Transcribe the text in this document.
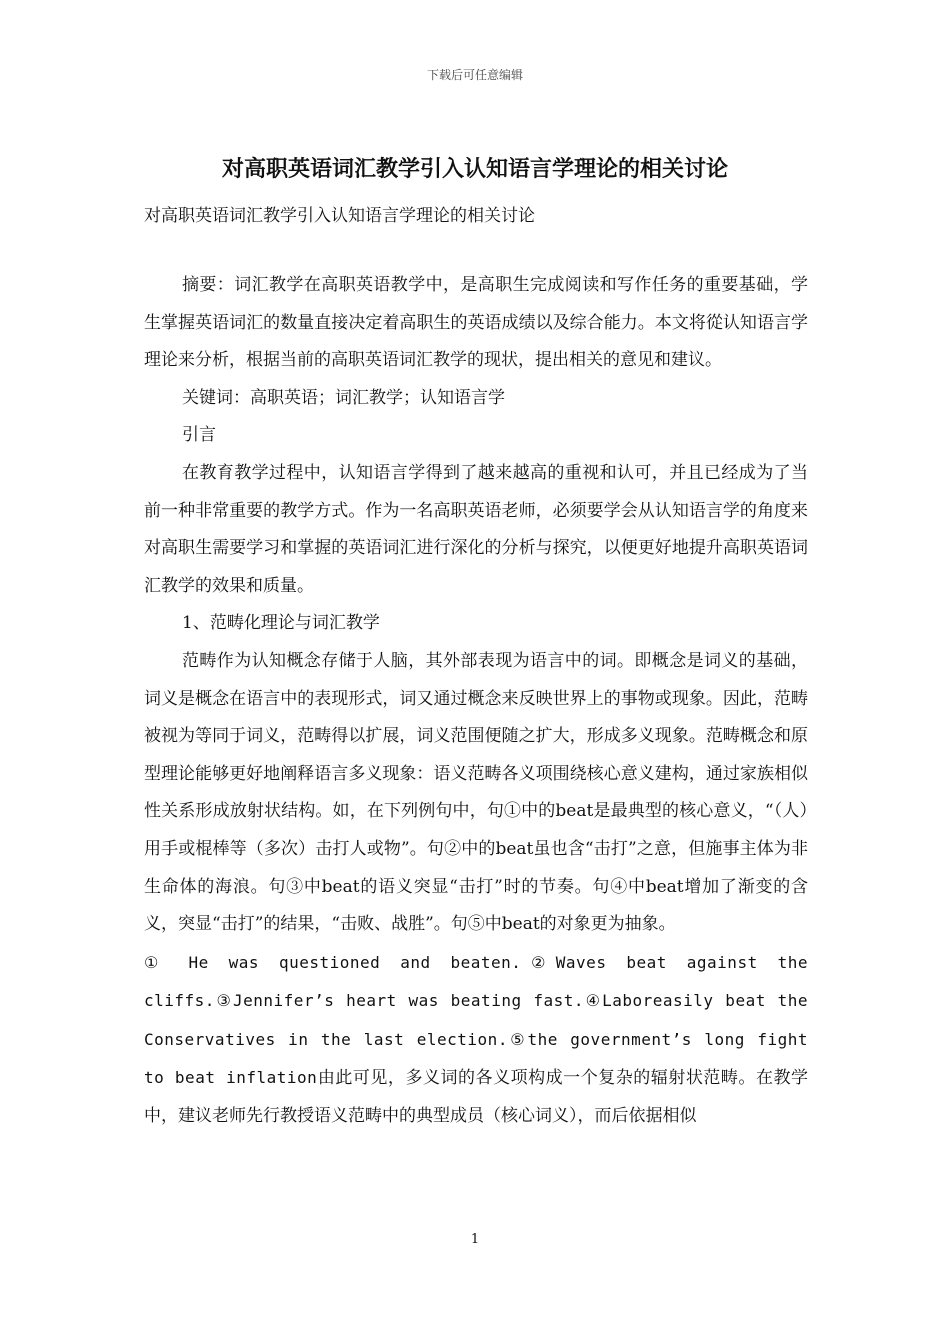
下载后可任意编辑
对高职英语词汇教学引入认知语言学理论的相关讨论
对高职英语词汇教学引入认知语言学理论的相关讨论

摘要：词汇教学在高职英语教学中，是高职生完成阅读和写作任务的重要基础，学生掌握英语词汇的数量直接决定着高职生的英语成绩以及综合能力。本文将從认知语言学理论来分析，根据当前的高职英语词汇教学的现状，提出相关的意见和建议。

关键词：高职英语；词汇教学；认知语言学

引言

在教育教学过程中，认知语言学得到了越来越高的重视和认可，并且已经成为了当前一种非常重要的教学方式。作为一名高职英语老师，必须要学会从认知语言学的角度来对高职生需要学习和掌握的英语词汇进行深化的分析与探究，以便更好地提升高职英语词汇教学的效果和质量。

1、范畴化理论与词汇教学

范畴作为认知概念存储于人脑，其外部表现为语言中的词。即概念是词义的基础，词义是概念在语言中的表现形式，词又通过概念来反映世界上的事物或现象。因此，范畴被视为等同于词义，范畴得以扩展，词义范围便随之扩大，形成多义现象。范畴概念和原型理论能够更好地阐释语言多义现象：语义范畴各义项围绕核心意义建构，通过家族相似性关系形成放射状结构。如，在下列例句中，句①中的beat是最典型的核心意义，“（人）用手或棍棒等（多次）击打人或物”。句②中的beat虽也含“击打”之意，但施事主体为非生命体的海浪。句③中beat的语义突显“击打”时的节奏。句④中beat增加了渐变的含义，突显“击打”的结果，“击败、战胜”。句⑤中beat的对象更为抽象。
① He was questioned and beaten.②Waves beat against the cliffs.③Jennifer’s heart was beating fast.④Laboreasily beat the Conservatives in the last election.⑤the government’s long fight to beat inflation由此可见，多义词的各义项构成一个复杂的辐射状范畴。在教学中，建议老师先行教授语义范畴中的典型成员（核心词义），而后依据相似

1
